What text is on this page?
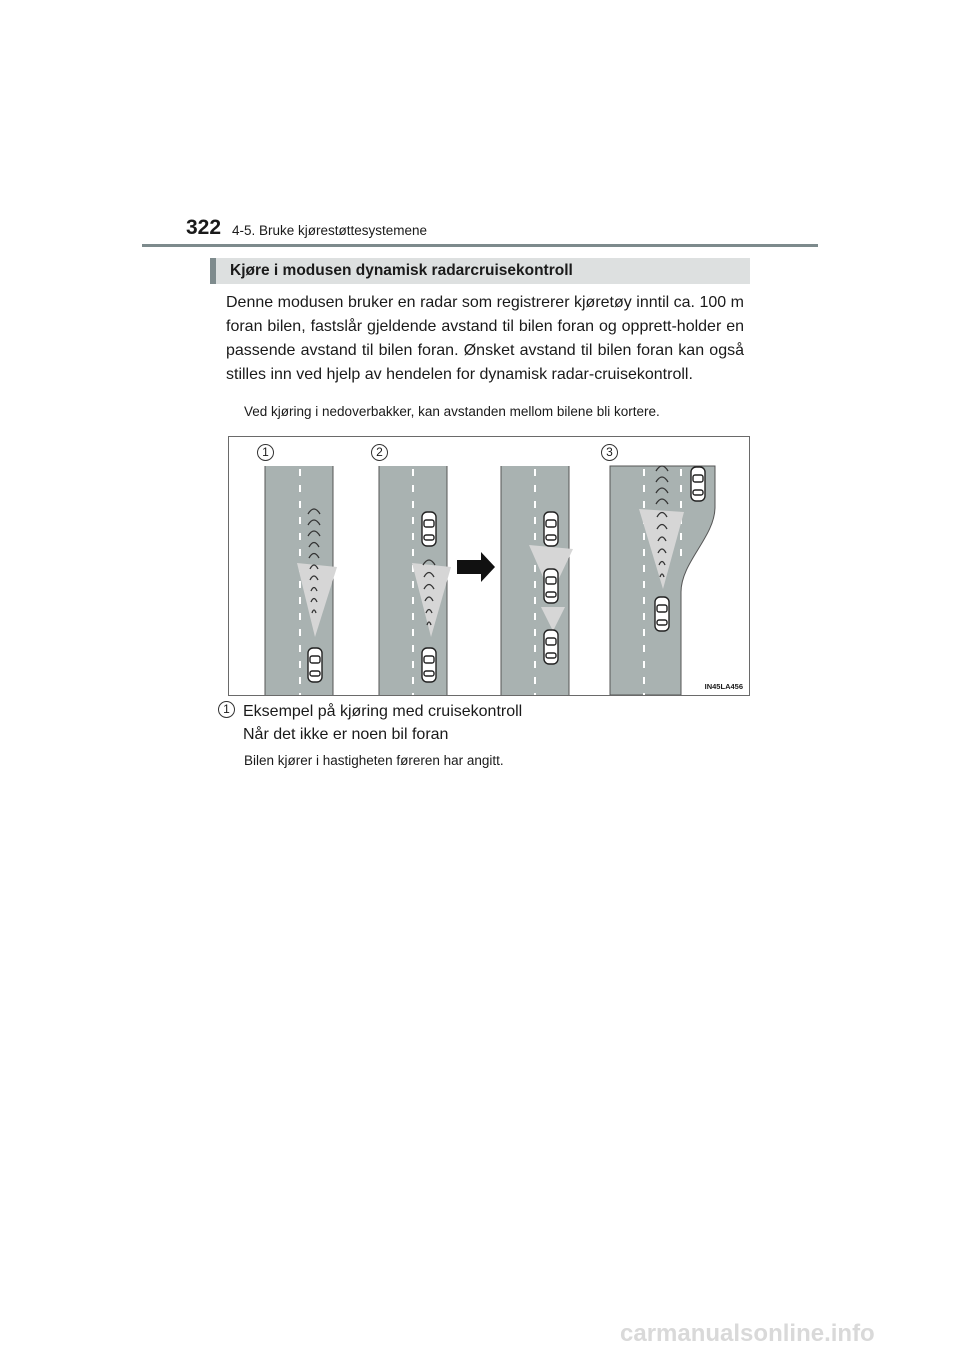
322 4-5. Bruke kjørestøttesystemene
Kjøre i modusen dynamisk radarcruisekontroll

Denne modusen bruker en radar som registrerer kjøretøy inntil ca. 100 m foran bilen, fastslår gjeldende avstand til bilen foran og opprett-holder en passende avstand til bilen foran. Ønsket avstand til bilen foran kan også stilles inn ved hjelp av hendelen for dynamisk radar-cruisekontroll.

Ved kjøring i nedoverbakker, kan avstanden mellom bilene bli kortere.

1	2	3
IN45LA456
1 Eksempel på kjøring med cruisekontroll

Når det ikke er noen bil foran

Bilen kjører i hastigheten føreren har angitt.

carmanualsonline.info
